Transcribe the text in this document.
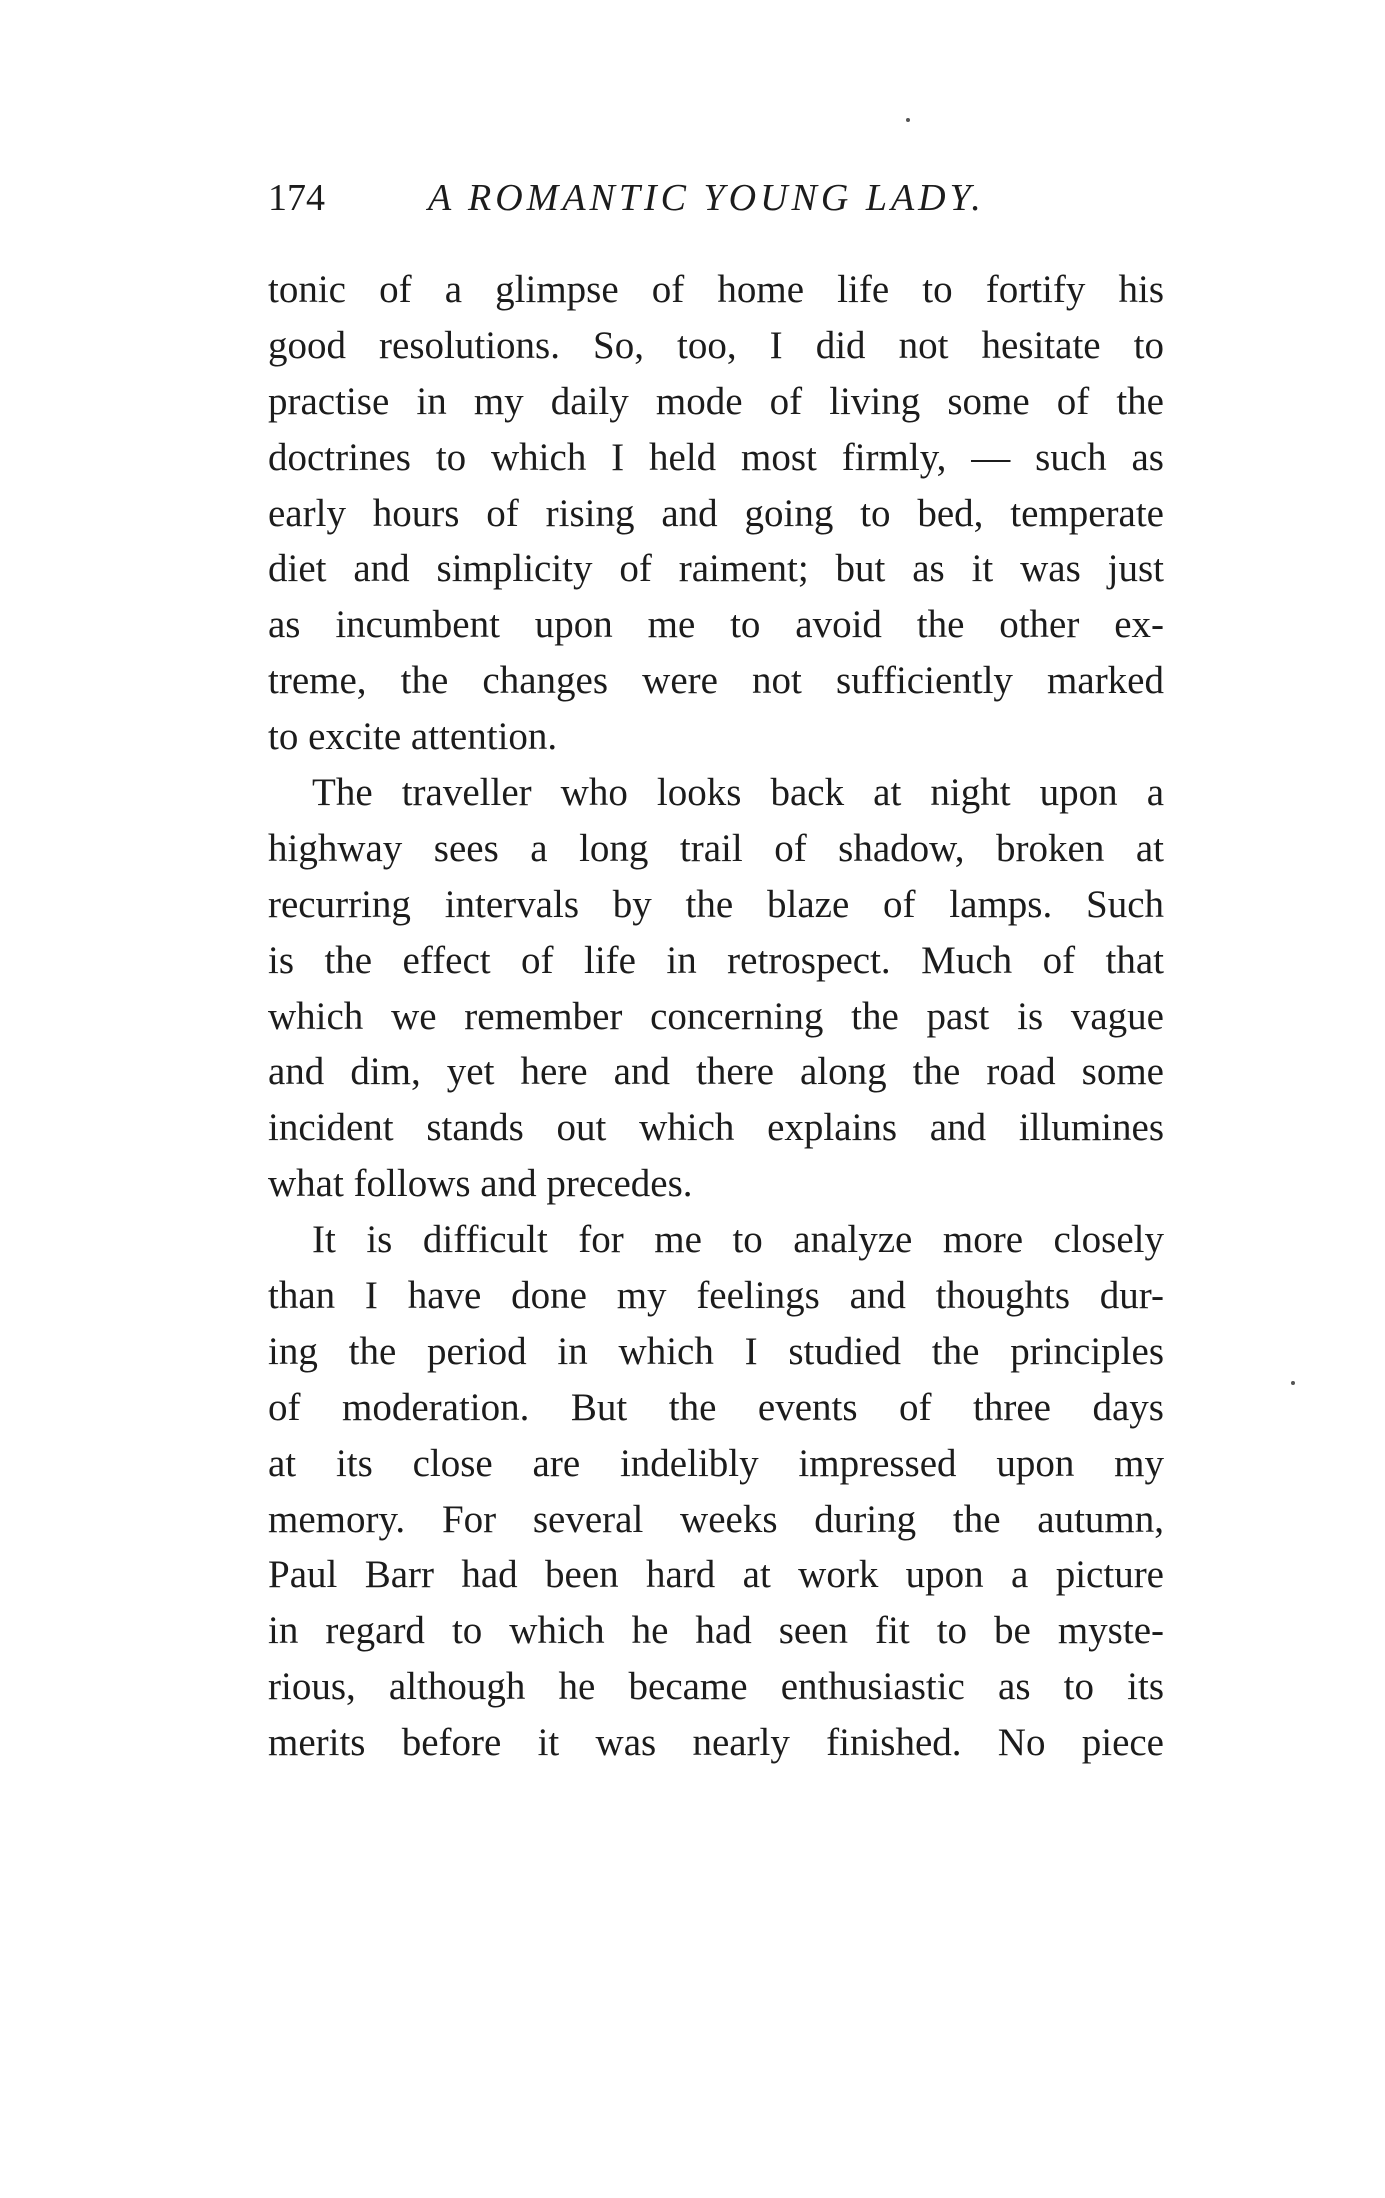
174	A ROMANTIC YOUNG LADY.
tonic of a glimpse of home life to fortify his
good resolutions. So, too, I did not hesitate to
practise in my daily mode of living some of the
doctrines to which I held most firmly, — such as
early hours of rising and going to bed, temperate
diet and simplicity of raiment; but as it was just
as incumbent upon me to avoid the other ex-
treme, the changes were not sufficiently marked
to excite attention.
The traveller who looks back at night upon a
highway sees a long trail of shadow, broken at
recurring intervals by the blaze of lamps. Such
is the effect of life in retrospect. Much of that
which we remember concerning the past is vague
and dim, yet here and there along the road some
incident stands out which explains and illumines
what follows and precedes.
It is difficult for me to analyze more closely
than I have done my feelings and thoughts dur-
ing the period in which I studied the principles
of moderation. But the events of three days
at its close are indelibly impressed upon my
memory. For several weeks during the autumn,
Paul Barr had been hard at work upon a picture
in regard to which he had seen fit to be myste-
rious, although he became enthusiastic as to its
merits before it was nearly finished. No piece
